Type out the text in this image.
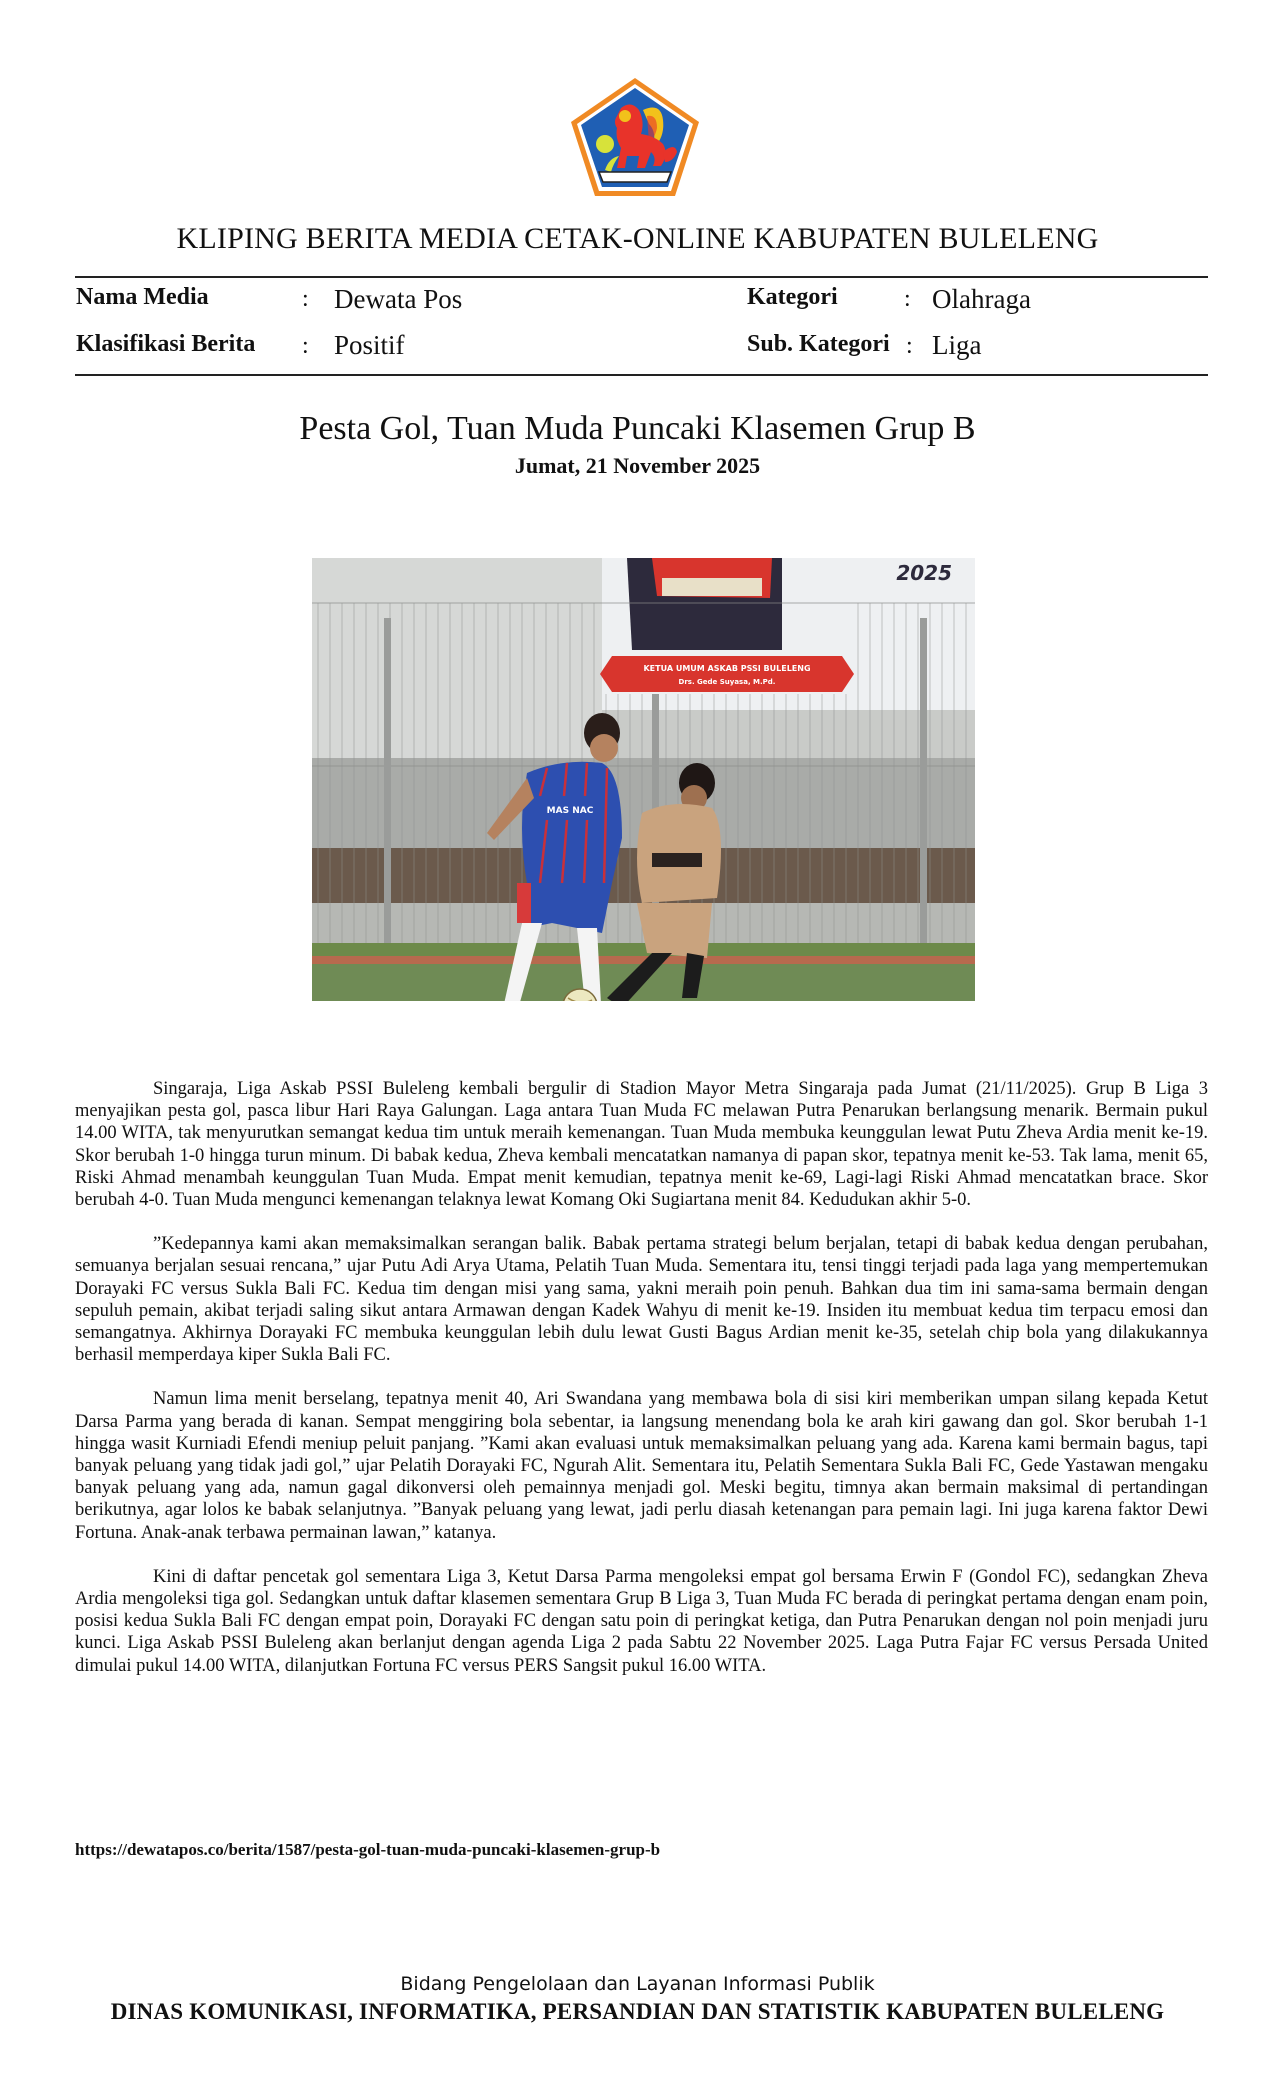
KLIPING BERITA MEDIA CETAK-ONLINE KABUPATEN BULELENG
Nama Media	: Dewata Pos	Kategori	: Olahraga
Klasifikasi Berita : Positif	Sub. Kategori : Liga
Pesta Gol, Tuan Muda Puncaki Klasemen Grup B
Jumat, 21 November 2025
KETUA UMUM ASKAB PSSI BULELENG
Drs. Gede Suyasa, M.Pd.
2025
MAS NAC

Singaraja, Liga Askab PSSI Buleleng kembali bergulir di Stadion Mayor Metra Singaraja pada Jumat (21/11/2025). Grup B Liga 3 menyajikan pesta gol, pasca libur Hari Raya Galungan. Laga antara Tuan Muda FC melawan Putra Penarukan berlangsung menarik. Bermain pukul 14.00 WITA, tak menyurutkan semangat kedua tim untuk meraih kemenangan. Tuan Muda membuka keunggulan lewat Putu Zheva Ardia menit ke-19. Skor berubah 1-0 hingga turun minum. Di babak kedua, Zheva kembali mencatatkan namanya di papan skor, tepatnya menit ke-53. Tak lama, menit 65, Riski Ahmad menambah keunggulan Tuan Muda. Empat menit kemudian, tepatnya menit ke-69, Lagi-lagi Riski Ahmad mencatatkan brace. Skor berubah 4-0. Tuan Muda mengunci kemenangan telaknya lewat Komang Oki Sugiartana menit 84. Kedudukan akhir 5-0.

”Kedepannya kami akan memaksimalkan serangan balik. Babak pertama strategi belum berjalan, tetapi di babak kedua dengan perubahan, semuanya berjalan sesuai rencana,” ujar Putu Adi Arya Utama, Pelatih Tuan Muda. Sementara itu, tensi tinggi terjadi pada laga yang mempertemukan Dorayaki FC versus Sukla Bali FC. Kedua tim dengan misi yang sama, yakni meraih poin penuh. Bahkan dua tim ini sama-sama bermain dengan sepuluh pemain, akibat terjadi saling sikut antara Armawan dengan Kadek Wahyu di menit ke-19. Insiden itu membuat kedua tim terpacu emosi dan semangatnya. Akhirnya Dorayaki FC membuka keunggulan lebih dulu lewat Gusti Bagus Ardian menit ke-35, setelah chip bola yang dilakukannya berhasil memperdaya kiper Sukla Bali FC.

Namun lima menit berselang, tepatnya menit 40, Ari Swandana yang membawa bola di sisi kiri memberikan umpan silang kepada Ketut Darsa Parma yang berada di kanan. Sempat menggiring bola sebentar, ia langsung menendang bola ke arah kiri gawang dan gol. Skor berubah 1-1 hingga wasit Kurniadi Efendi meniup peluit panjang. ”Kami akan evaluasi untuk memaksimalkan peluang yang ada. Karena kami bermain bagus, tapi banyak peluang yang tidak jadi gol,” ujar Pelatih Dorayaki FC, Ngurah Alit. Sementara itu, Pelatih Sementara Sukla Bali FC, Gede Yastawan mengaku banyak peluang yang ada, namun gagal dikonversi oleh pemainnya menjadi gol. Meski begitu, timnya akan bermain maksimal di pertandingan berikutnya, agar lolos ke babak selanjutnya. ”Banyak peluang yang lewat, jadi perlu diasah ketenangan para pemain lagi. Ini juga karena faktor Dewi Fortuna. Anak-anak terbawa permainan lawan,” katanya.

Kini di daftar pencetak gol sementara Liga 3, Ketut Darsa Parma mengoleksi empat gol bersama Erwin F (Gondol FC), sedangkan Zheva Ardia mengoleksi tiga gol. Sedangkan untuk daftar klasemen sementara Grup B Liga 3, Tuan Muda FC berada di peringkat pertama dengan enam poin, posisi kedua Sukla Bali FC dengan empat poin, Dorayaki FC dengan satu poin di peringkat ketiga, dan Putra Penarukan dengan nol poin menjadi juru kunci. Liga Askab PSSI Buleleng akan berlanjut dengan agenda Liga 2 pada Sabtu 22 November 2025. Laga Putra Fajar FC versus Persada United dimulai pukul 14.00 WITA, dilanjutkan Fortuna FC versus PERS Sangsit pukul 16.00 WITA.

https://dewatapos.co/berita/1587/pesta-gol-tuan-muda-puncaki-klasemen-grup-b
Bidang Pengelolaan dan Layanan Informasi Publik
DINAS KOMUNIKASI, INFORMATIKA, PERSANDIAN DAN STATISTIK KABUPATEN BULELENG
